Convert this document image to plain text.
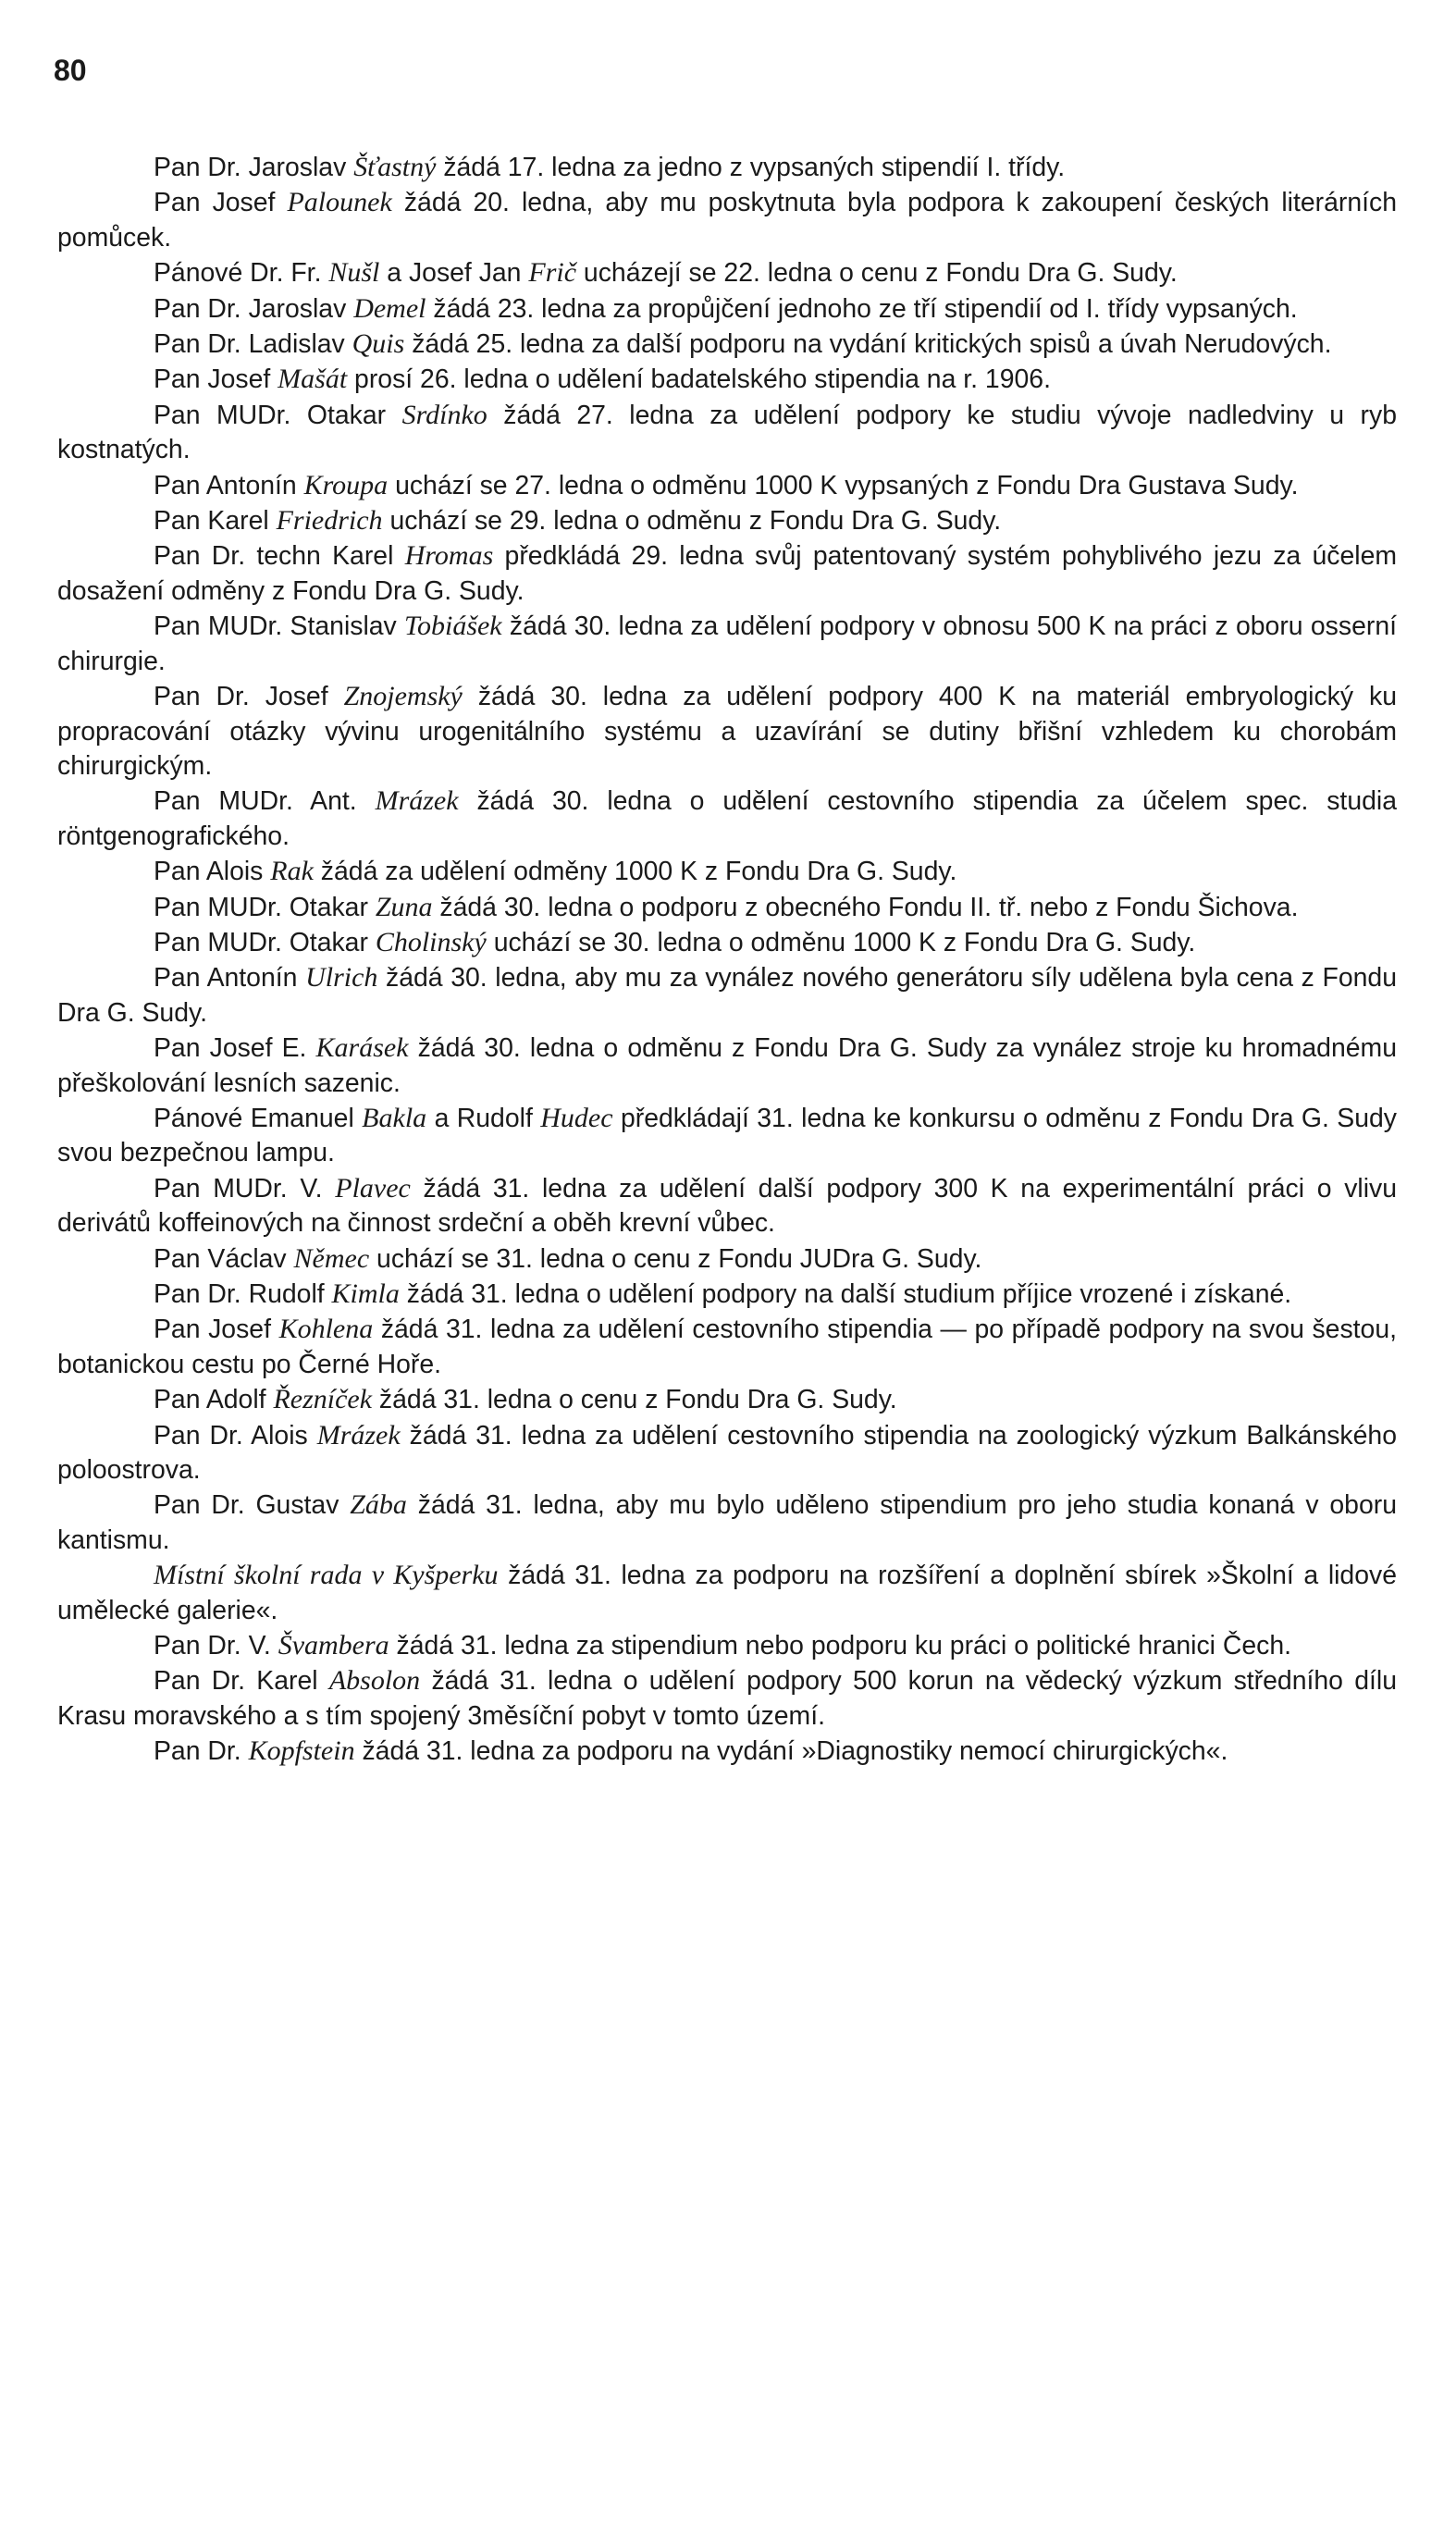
80

Pan Dr. Jaroslav Šťastný žádá 17. ledna za jedno z vypsaných stipendií I. třídy.

Pan Josef Palounek žádá 20. ledna, aby mu poskytnuta byla podpora k zakoupení českých literárních pomůcek.

Pánové Dr. Fr. Nušl a Josef Jan Frič ucházejí se 22. ledna o cenu z Fondu Dra G. Sudy.

Pan Dr. Jaroslav Demel žádá 23. ledna za propůjčení jednoho ze tří stipendií od I. třídy vypsaných.

Pan Dr. Ladislav Quis žádá 25. ledna za další podporu na vydání kritických spisů a úvah Nerudových.

Pan Josef Mašát prosí 26. ledna o udělení badatelského stipendia na r. 1906.

Pan MUDr. Otakar Srdínko žádá 27. ledna za udělení podpory ke studiu vývoje nadledviny u ryb kostnatých.

Pan Antonín Kroupa uchází se 27. ledna o odměnu 1000 K vypsaných z Fondu Dra Gustava Sudy.

Pan Karel Friedrich uchází se 29. ledna o odměnu z Fondu Dra G. Sudy.

Pan Dr. techn Karel Hromas předkládá 29. ledna svůj patentovaný systém pohyblivého jezu za účelem dosažení odměny z Fondu Dra G. Sudy.

Pan MUDr. Stanislav Tobiášek žádá 30. ledna za udělení podpory v obnosu 500 K na práci z oboru osserní chirurgie.

Pan Dr. Josef Znojemský žádá 30. ledna za udělení podpory 400 K na materiál embryologický ku propracování otázky vývinu urogenitálního systému a uzavírání se dutiny břišní vzhledem ku chorobám chirurgickým.

Pan MUDr. Ant. Mrázek žádá 30. ledna o udělení cestovního stipendia za účelem spec. studia röntgenografického.

Pan Alois Rak žádá za udělení odměny 1000 K z Fondu Dra G. Sudy.

Pan MUDr. Otakar Zuna žádá 30. ledna o podporu z obecného Fondu II. tř. nebo z Fondu Šichova.

Pan MUDr. Otakar Cholinský uchází se 30. ledna o odměnu 1000 K z Fondu Dra G. Sudy.

Pan Antonín Ulrich žádá 30. ledna, aby mu za vynález nového generátoru síly udělena byla cena z Fondu Dra G. Sudy.

Pan Josef E. Karásek žádá 30. ledna o odměnu z Fondu Dra G. Sudy za vynález stroje ku hromadnému přeškolování lesních sazenic.

Pánové Emanuel Bakla a Rudolf Hudec předkládají 31. ledna ke konkursu o odměnu z Fondu Dra G. Sudy svou bezpečnou lampu.

Pan MUDr. V. Plavec žádá 31. ledna za udělení další podpory 300 K na experimentální práci o vlivu derivátů koffeinových na činnost srdeční a oběh krevní vůbec.

Pan Václav Němec uchází se 31. ledna o cenu z Fondu JUDra G. Sudy.

Pan Dr. Rudolf Kimla žádá 31. ledna o udělení podpory na další studium příjice vrozené i získané.

Pan Josef Kohlena žádá 31. ledna za udělení cestovního stipendia — po případě podpory na svou šestou, botanickou cestu po Černé Hoře.

Pan Adolf Řezníček žádá 31. ledna o cenu z Fondu Dra G. Sudy.

Pan Dr. Alois Mrázek žádá 31. ledna za udělení cestovního stipendia na zoologický výzkum Balkánského poloostrova.

Pan Dr. Gustav Zába žádá 31. ledna, aby mu bylo uděleno stipendium pro jeho studia konaná v oboru kantismu.

Místní školní rada v Kyšperku žádá 31. ledna za podporu na rozšíření a doplnění sbírek »Školní a lidové umělecké galerie«.

Pan Dr. V. Švambera žádá 31. ledna za stipendium nebo podporu ku práci o politické hranici Čech.

Pan Dr. Karel Absolon žádá 31. ledna o udělení podpory 500 korun na vědecký výzkum středního dílu Krasu moravského a s tím spojený 3měsíční pobyt v tomto území.

Pan Dr. Kopfstein žádá 31. ledna za podporu na vydání »Diagnostiky nemocí chirurgických«.
